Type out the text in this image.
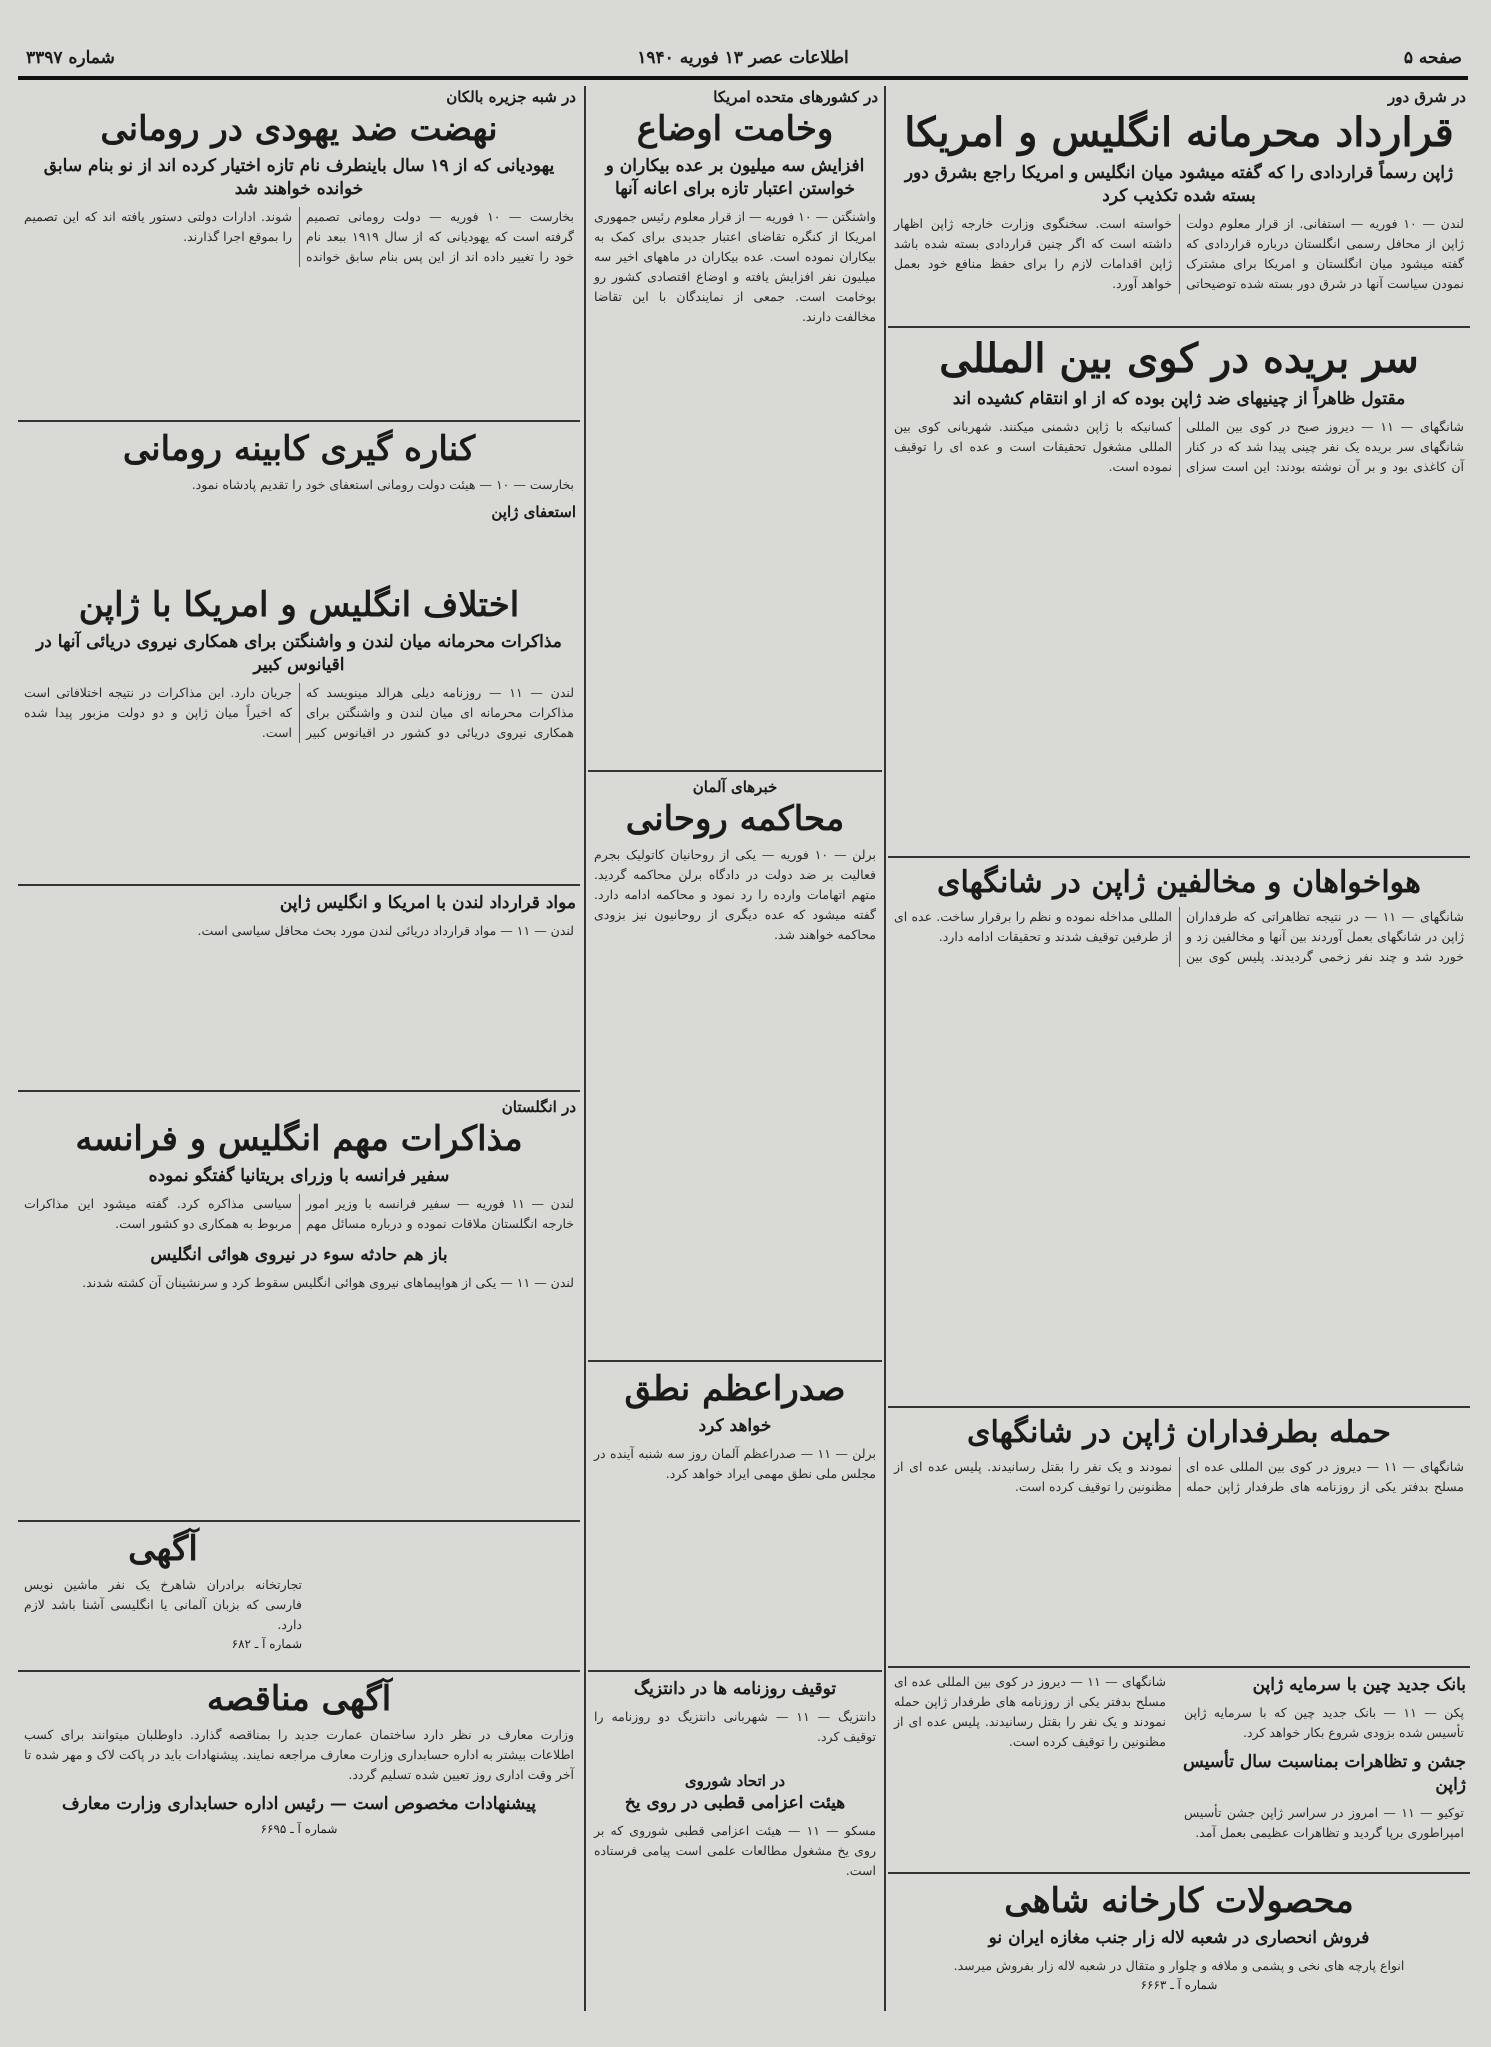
صفحه ۵
اطلاعات عصر ۱۳ فوریه ۱۹۴۰
شماره ۳۳۹۷
در شرق دور
قرارداد محرمانه انگلیس و امریکا
ژاپن رسماً قراردادی را که گفته میشود میان انگلیس و امریکا راجع بشرق دور بسته شده تکذیب کرد
لندن — ۱۰ فوریه — استفانی. از قرار معلوم دولت ژاپن از محافل رسمی انگلستان درباره قراردادی که گفته میشود میان انگلستان و امریکا برای مشترک نمودن سیاست آنها در شرق دور بسته شده توضیحاتی خواسته است. سخنگوی وزارت خارجه ژاپن اظهار داشته است که اگر چنین قراردادی بسته شده باشد ژاپن اقدامات لازم را برای حفظ منافع خود بعمل خواهد آورد.
سر بریده در کوی بین المللی
مقتول ظاهراً از چینیهای ضد ژاپن بوده که از او انتقام کشیده اند
شانگهای — ۱۱ — دیروز صبح در کوی بین المللی شانگهای سر بریده یک نفر چینی پیدا شد که در کنار آن کاغذی بود و بر آن نوشته بودند: این است سزای کسانیکه با ژاپن دشمنی میکنند. شهربانی کوی بین المللی مشغول تحقیقات است و عده ای را توقیف نموده است.
هواخواهان و مخالفین ژاپن در شانگهای
شانگهای — ۱۱ — در نتیجه تظاهراتی که طرفداران ژاپن در شانگهای بعمل آوردند بین آنها و مخالفین زد و خورد شد و چند نفر زخمی گردیدند. پلیس کوی بین المللی مداخله نموده و نظم را برقرار ساخت. عده ای از طرفین توقیف شدند و تحقیقات ادامه دارد.
حمله بطرفداران ژاپن در شانگهای
شانگهای — ۱۱ — دیروز در کوی بین المللی عده ای مسلح بدفتر یکی از روزنامه های طرفدار ژاپن حمله نمودند و یک نفر را بقتل رسانیدند. پلیس عده ای از مظنونین را توقیف کرده است.
بانک جدید چین با سرمایه ژاپن
پکن — ۱۱ — بانک جدید چین که با سرمایه ژاپن تأسیس شده بزودی شروع بکار خواهد کرد.
جشن و تظاهرات بمناسبت سال تأسیس ژاپن
توکیو — ۱۱ — امروز در سراسر ژاپن جشن تأسیس امپراطوری برپا گردید و تظاهرات عظیمی بعمل آمد.
شانگهای — ۱۱ — دیروز در کوی بین المللی عده ای مسلح بدفتر یکی از روزنامه های طرفدار ژاپن حمله نمودند و یک نفر را بقتل رسانیدند. پلیس عده ای از مظنونین را توقیف کرده است.
محصولات کارخانه شاهی
فروش انحصاری در شعبه لاله زار جنب مغازه ایران نو
انواع پارچه های نخی و پشمی و ملافه و چلوار و متقال در شعبه لاله زار بفروش میرسد.
شماره آ ـ ۶۶۶۳
در کشورهای متحده امریکا
وخامت اوضاع
افزایش سه میلیون بر عده بیکاران و خواستن اعتبار تازه برای اعانه آنها
واشنگتن — ۱۰ فوریه — از قرار معلوم رئیس جمهوری امریکا از کنگره تقاضای اعتبار جدیدی برای کمک به بیکاران نموده است. عده بیکاران در ماههای اخیر سه میلیون نفر افزایش یافته و اوضاع اقتصادی کشور رو بوخامت است. جمعی از نمایندگان با این تقاضا مخالفت دارند.
خبرهای آلمان
محاکمه روحانی
برلن — ۱۰ فوریه — یکی از روحانیان کاتولیک بجرم فعالیت بر ضد دولت در دادگاه برلن محاکمه گردید. متهم اتهامات وارده را رد نمود و محاکمه ادامه دارد. گفته میشود که عده دیگری از روحانیون نیز بزودی محاکمه خواهند شد.
صدراعظم نطق
خواهد کرد
برلن — ۱۱ — صدراعظم آلمان روز سه شنبه آینده در مجلس ملی نطق مهمی ایراد خواهد کرد.
توقیف روزنامه ها در دانتزیگ
دانتزیگ — ۱۱ — شهربانی دانتزیگ دو روزنامه را توقیف کرد.
در اتحاد شوروی
هیئت اعزامی قطبی در روی یخ
مسکو — ۱۱ — هیئت اعزامی قطبی شوروی که بر روی یخ مشغول مطالعات علمی است پیامی فرستاده است.
در شبه جزیره بالکان
نهضت ضد یهودی در رومانی
یهودیانی که از ۱۹ سال باینطرف نام تازه اختیار کرده اند از نو بنام سابق خوانده خواهند شد
بخارست — ۱۰ فوریه — دولت رومانی تصمیم گرفته است که یهودیانی که از سال ۱۹۱۹ ببعد نام خود را تغییر داده اند از این پس بنام سابق خوانده شوند. ادارات دولتی دستور یافته اند که این تصمیم را بموقع اجرا گذارند.
کناره گیری کابینه رومانی
بخارست — ۱۰ — هیئت دولت رومانی استعفای خود را تقدیم پادشاه نمود.
استعفای ژاپن
اختلاف انگلیس و امریکا با ژاپن
مذاکرات محرمانه میان لندن و واشنگتن برای همکاری نیروی دریائی آنها در اقیانوس کبیر
لندن — ۱۱ — روزنامه دیلی هرالد مینویسد که مذاکرات محرمانه ای میان لندن و واشنگتن برای همکاری نیروی دریائی دو کشور در اقیانوس کبیر جریان دارد. این مذاکرات در نتیجه اختلافاتی است که اخیراً میان ژاپن و دو دولت مزبور پیدا شده است.
مواد قرارداد لندن با امریکا و انگلیس ژاپن
لندن — ۱۱ — مواد قرارداد دریائی لندن مورد بحث محافل سیاسی است.
در انگلستان
مذاکرات مهم انگلیس و فرانسه
سفیر فرانسه با وزرای بریتانیا گفتگو نموده
لندن — ۱۱ فوریه — سفیر فرانسه با وزیر امور خارجه انگلستان ملاقات نموده و درباره مسائل مهم سیاسی مذاکره کرد. گفته میشود این مذاکرات مربوط به همکاری دو کشور است.
باز هم حادثه سوء در نیروی هوائی انگلیس
لندن — ۱۱ — یکی از هواپیماهای نیروی هوائی انگلیس سقوط کرد و سرنشینان آن کشته شدند.
آگهی
تجارتخانه برادران شاهرخ یک نفر ماشین نویس فارسی که بزبان آلمانی یا انگلیسی آشنا باشد لازم دارد.
شماره آ ـ ۶۸۲
آگهی مناقصه
وزارت معارف در نظر دارد ساختمان عمارت جدید را بمناقصه گذارد. داوطلبان میتوانند برای کسب اطلاعات بیشتر به اداره حسابداری وزارت معارف مراجعه نمایند. پیشنهادات باید در پاکت لاک و مهر شده تا آخر وقت اداری روز تعیین شده تسلیم گردد.
پیشنهادات مخصوص است — رئیس اداره حسابداری وزارت معارف
شماره آ ـ ۶۶۹۵
